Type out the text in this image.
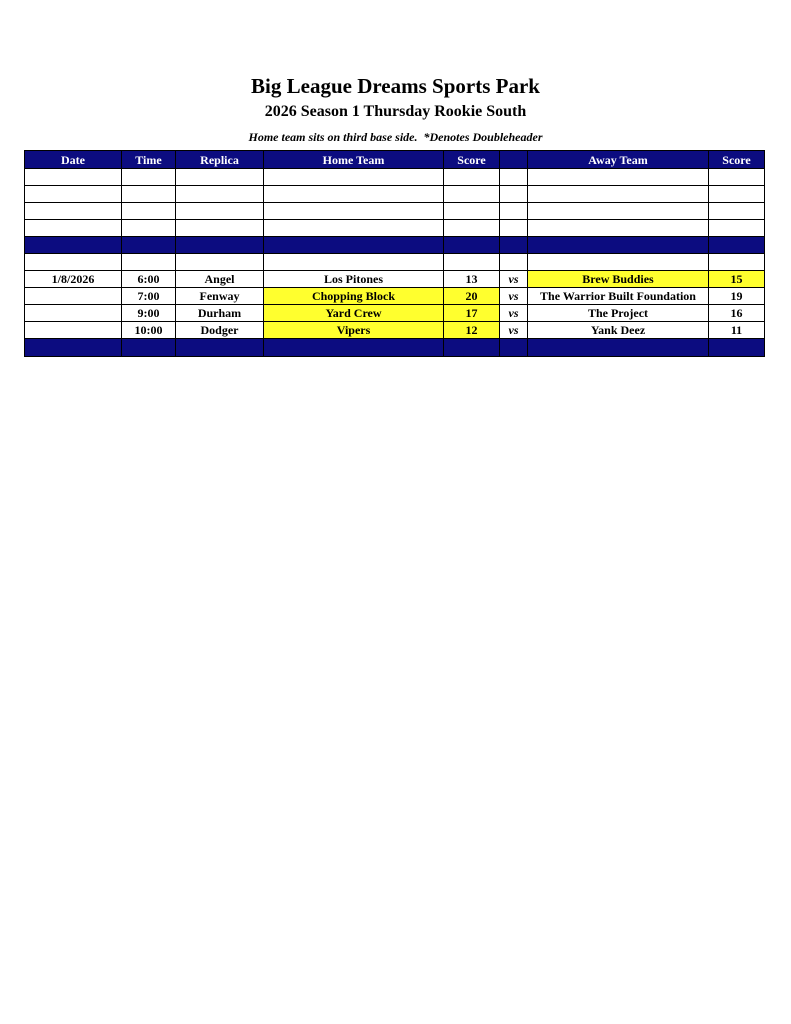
Big League Dreams Sports Park
2026 Season 1 Thursday Rookie South
Home team sits on third base side.  *Denotes Doubleheader
Date	Time	Replica	Home Team	Score		Away Team	Score

1/8/2026	6:00	Angel	Los Pitones	13	vs	Brew Buddies	15
	7:00	Fenway	Chopping Block	20	vs	The Warrior Built Foundation	19
	9:00	Durham	Yard Crew	17	vs	The Project	16
	10:00	Dodger	Vipers	12	vs	Yank Deez	11
